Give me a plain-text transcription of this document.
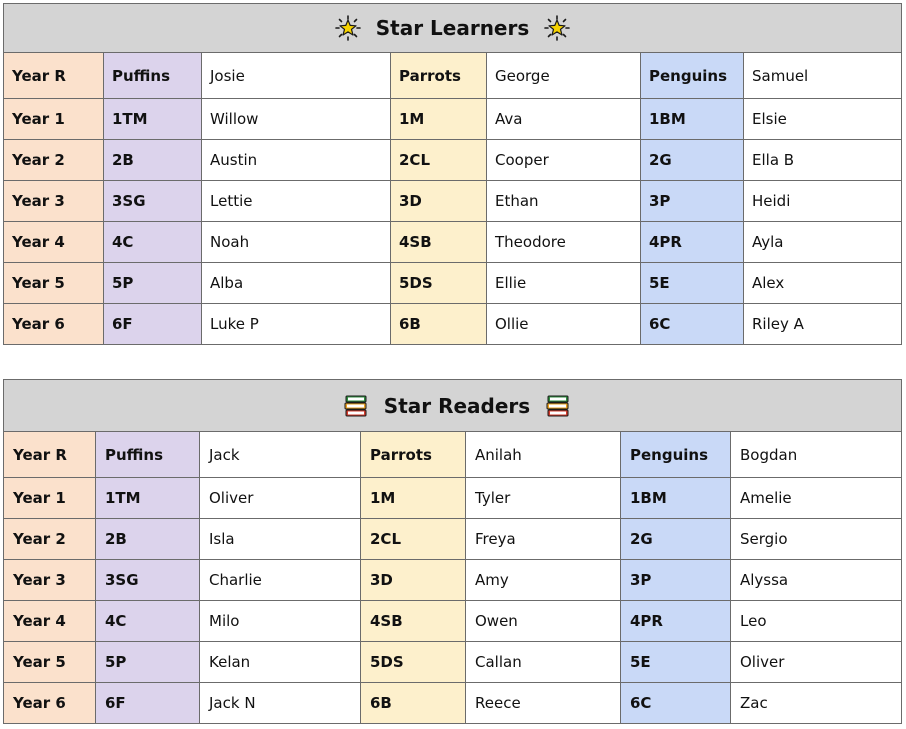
Star Learners						
Year R	Puffins	Josie	Parrots	George	Penguins	Samuel
Year 1	1TM	Willow	1M	Ava	1BM	Elsie
Year 2	2B	Austin	2CL	Cooper	2G	Ella B
Year 3	3SG	Lettie	3D	Ethan	3P	Heidi
Year 4	4C	Noah	4SB	Theodore	4PR	Ayla
Year 5	5P	Alba	5DS	Ellie	5E	Alex
Year 6	6F	Luke P	6B	Ollie	6C	Riley A
Star Readers						
Year R	Puffins	Jack	Parrots	Anilah	Penguins	Bogdan
Year 1	1TM	Oliver	1M	Tyler	1BM	Amelie
Year 2	2B	Isla	2CL	Freya	2G	Sergio
Year 3	3SG	Charlie	3D	Amy	3P	Alyssa
Year 4	4C	Milo	4SB	Owen	4PR	Leo
Year 5	5P	Kelan	5DS	Callan	5E	Oliver
Year 6	6F	Jack N	6B	Reece	6C	Zac
